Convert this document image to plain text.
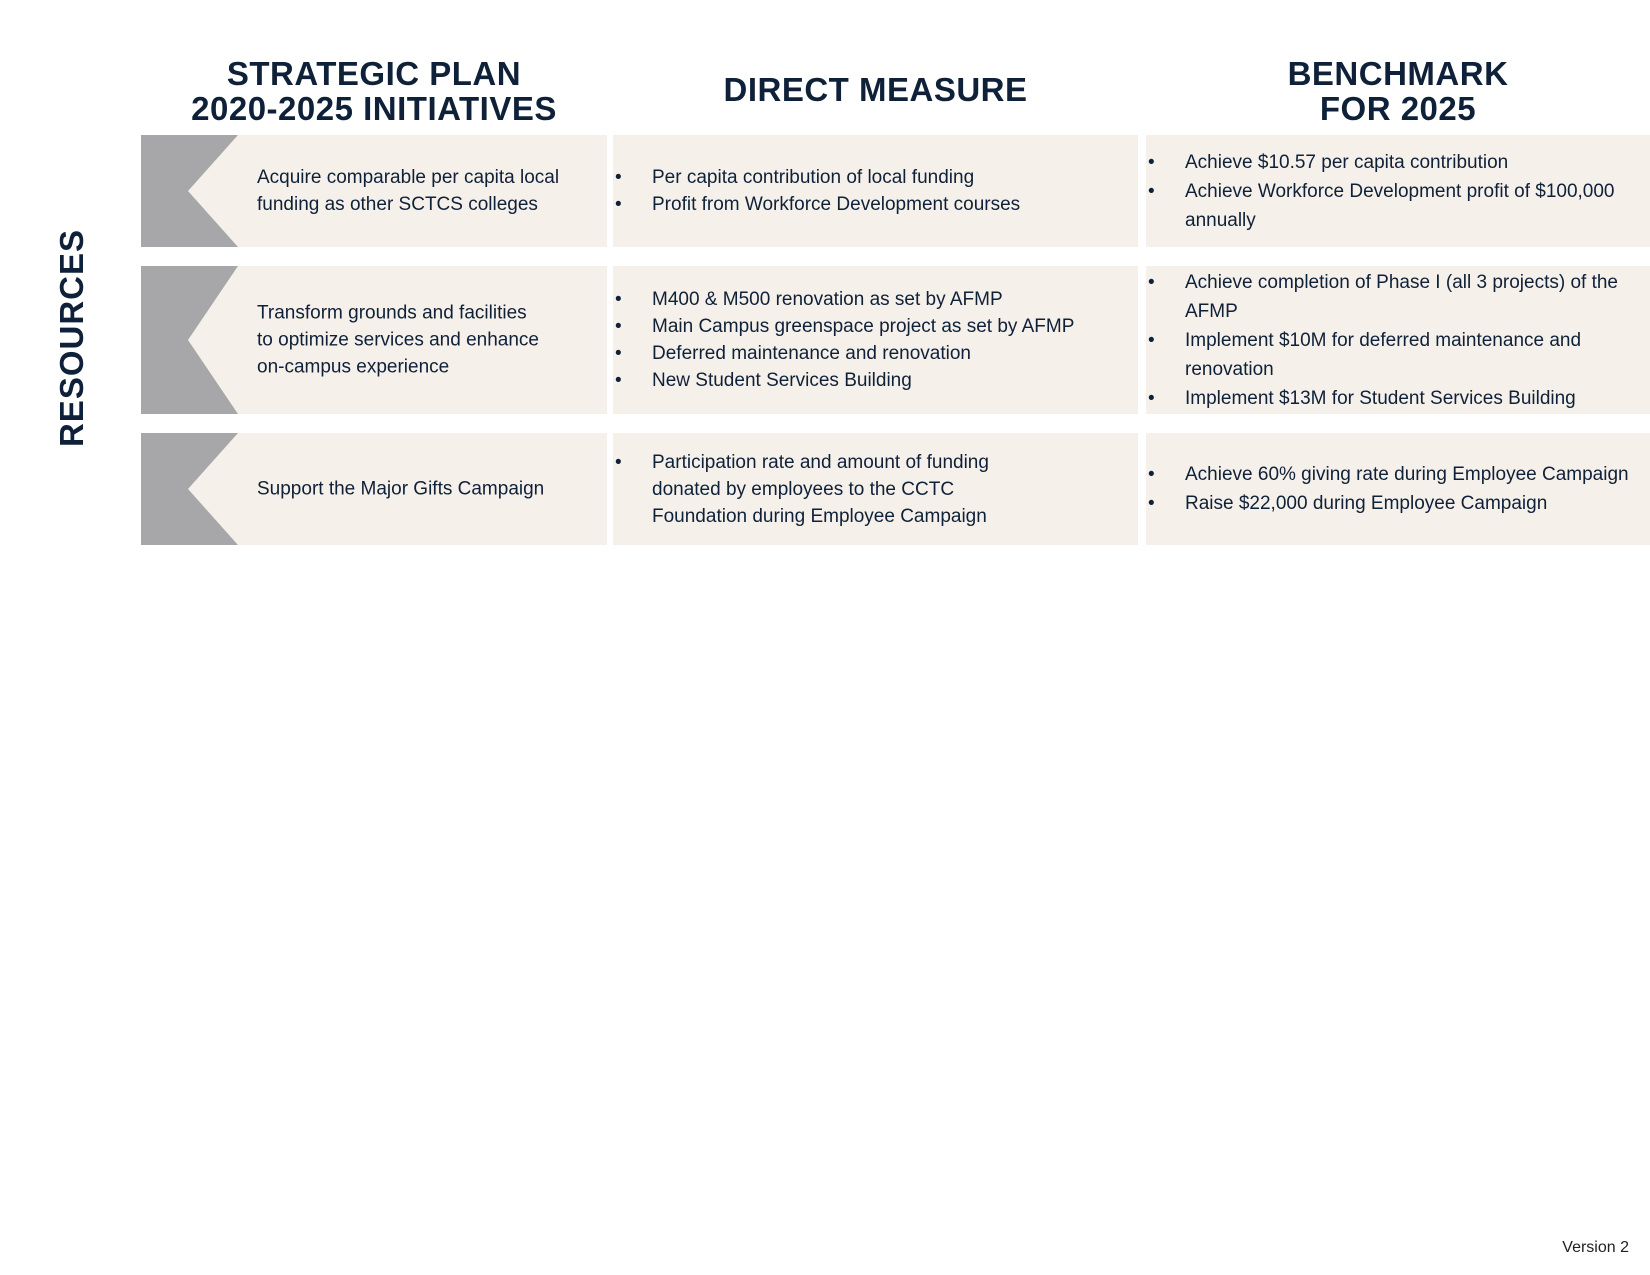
STRATEGIC PLAN
2020-2025 INITIATIVES
DIRECT MEASURE	BENCHMARK
FOR 2025
RESOURCES
Acquire comparable per capita local
funding as other SCTCS colleges
• Per capita contribution of local funding
• Profit from Workforce Development courses
• Achieve $10.57 per capita contribution
• Achieve Workforce Development profit of $100,000 annually
Transform grounds and facilities
to optimize services and enhance
on-campus experience
• M400 & M500 renovation as set by AFMP
• Main Campus greenspace project as set by AFMP
• Deferred maintenance and renovation
• New Student Services Building
• Achieve completion of Phase I (all 3 projects) of the AFMP
• Implement $10M for deferred maintenance and renovation
• Implement $13M for Student Services Building
Support the Major Gifts Campaign
• Participation rate and amount of funding donated by employees to the CCTC Foundation during Employee Campaign
• Achieve 60% giving rate during Employee Campaign
• Raise $22,000 during Employee Campaign
Version 2
